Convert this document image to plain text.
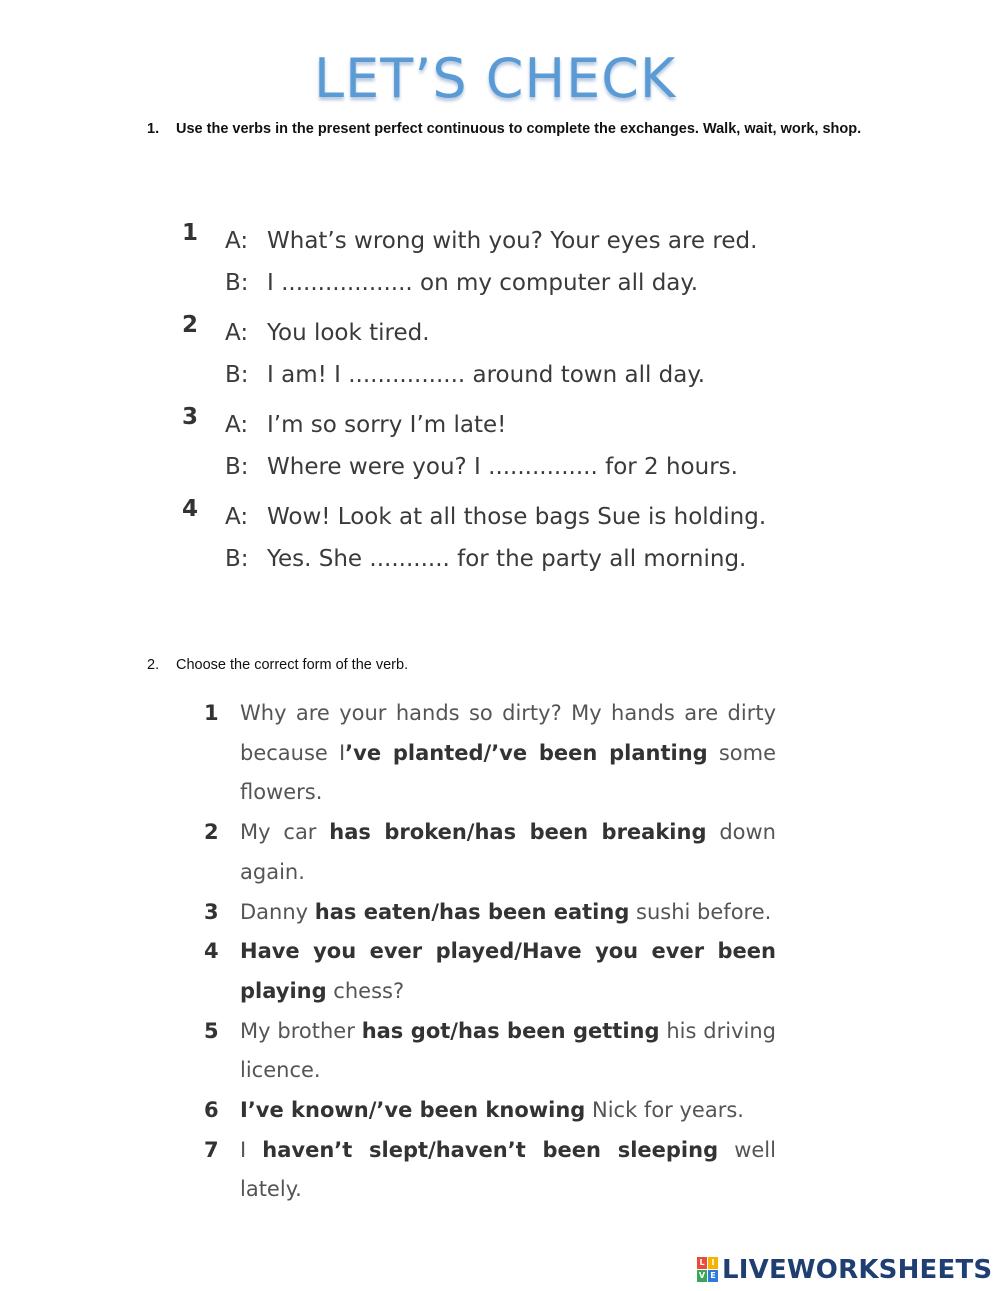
LET’S CHECK
1. Use the verbs in the present perfect continuous to complete the exchanges. Walk, wait, work, shop.
1 A: What’s wrong with you? Your eyes are red.
B: I .................. on my computer all day.
2 A: You look tired.
B: I am! I ................ around town all day.
3 A: I’m so sorry I’m late!
B: Where were you? I ............... for 2 hours.
4 A: Wow! Look at all those bags Sue is holding.
B: Yes. She ........... for the party all morning.
2. Choose the correct form of the verb.
1 Why are your hands so dirty? My hands are dirty because I’ve planted/’ve been planting some flowers.
2 My car has broken/has been breaking down again.
3 Danny has eaten/has been eating sushi before.
4 Have you ever played/Have you ever been playing chess?
5 My brother has got/has been getting his driving licence.
6 I’ve known/’ve been knowing Nick for years.
7 I haven’t slept/haven’t been sleeping well lately.
L I
V E LIVEWORKSHEETS
